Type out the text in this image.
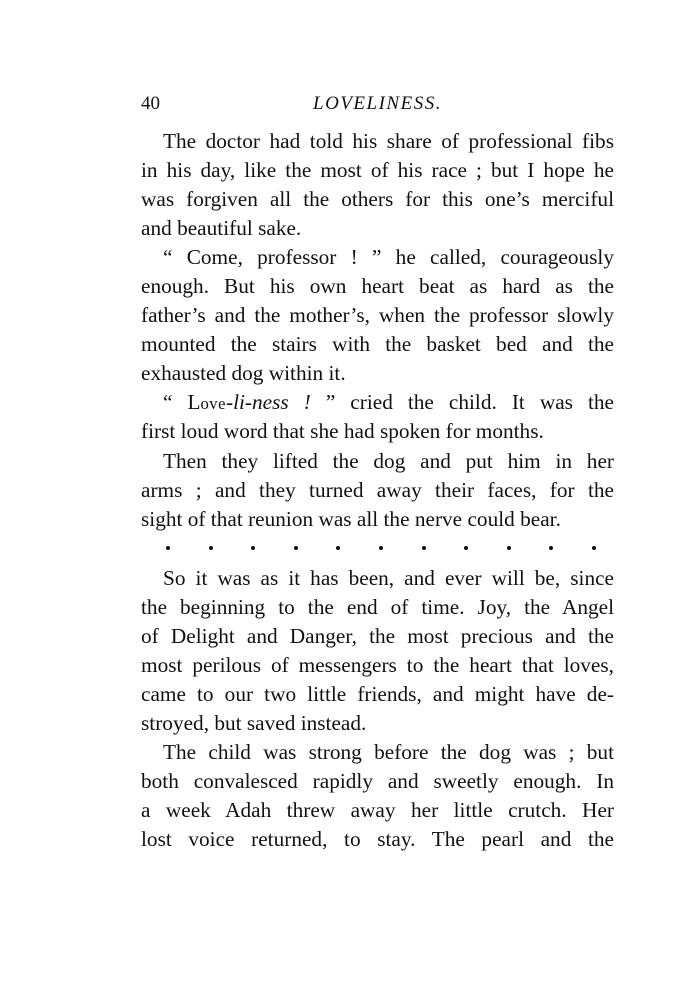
40	LOVELINESS.
The doctor had told his share of professional fibs
in his day, like the most of his race ; but I hope he
was forgiven all the others for this one’s merciful
and beautiful sake.
“ Come, professor ! ” he called, courageously
enough. But his own heart beat as hard as the
father’s and the mother’s, when the professor slowly
mounted the stairs with the basket bed and the
exhausted dog within it.
“ Love-li-ness ! ” cried the child. It was the
first loud word that she had spoken for months.
Then they lifted the dog and put him in her
arms ; and they turned away their faces, for the
sight of that reunion was all the nerve could bear.
So it was as it has been, and ever will be, since
the beginning to the end of time. Joy, the Angel
of Delight and Danger, the most precious and the
most perilous of messengers to the heart that loves,
came to our two little friends, and might have de-
stroyed, but saved instead.
The child was strong before the dog was ; but
both convalesced rapidly and sweetly enough. In
a week Adah threw away her little crutch. Her
lost voice returned, to stay. The pearl and the
